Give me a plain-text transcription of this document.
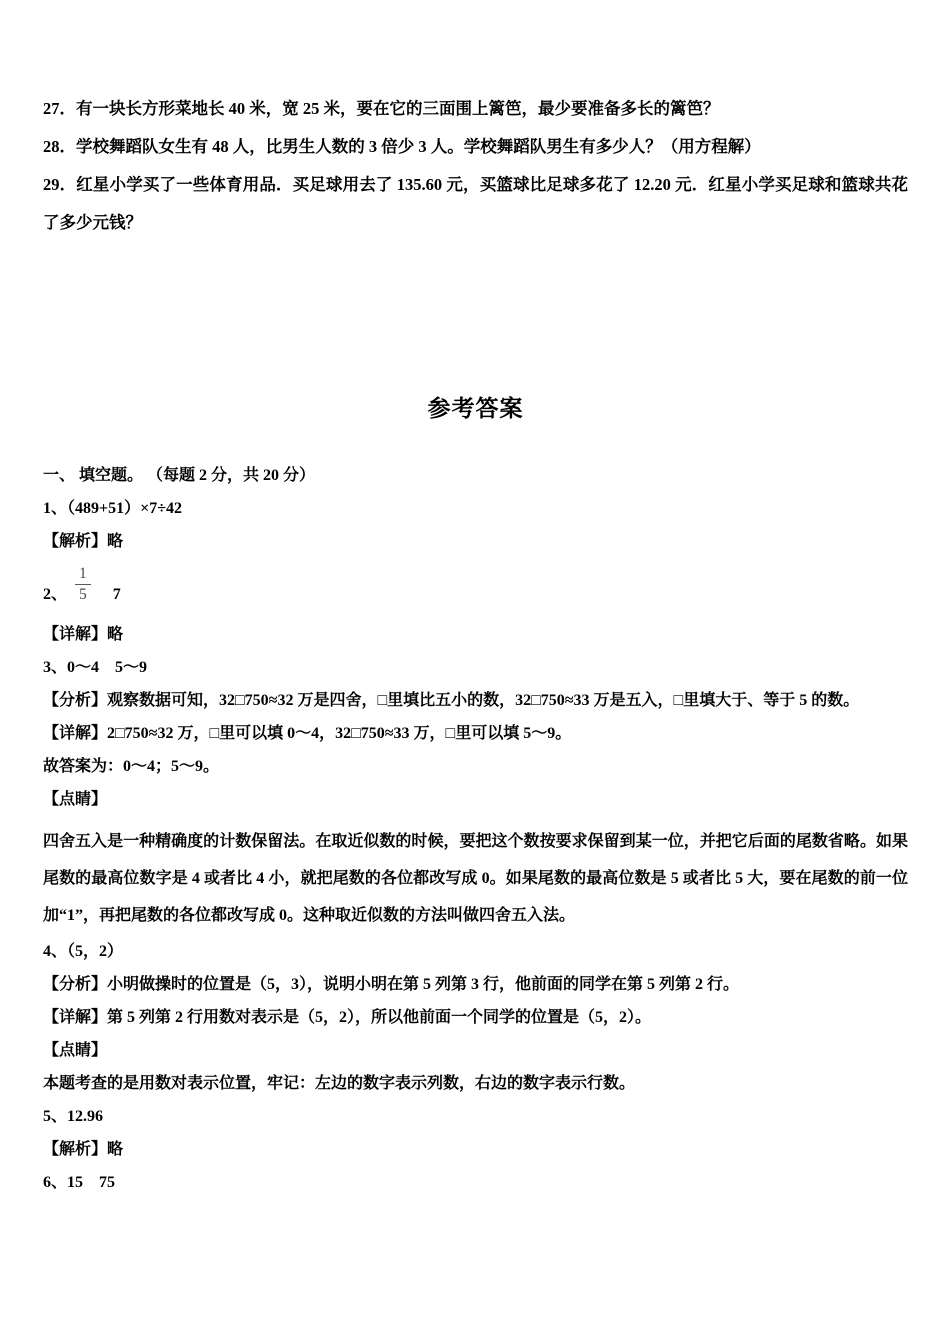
27．有一块长方形菜地长 40 米，宽 25 米，要在它的三面围上篱笆，最少要准备多长的篱笆？

28．学校舞蹈队女生有 48 人，比男生人数的 3 倍少 3 人。学校舞蹈队男生有多少人？（用方程解）

29．红星小学买了一些体育用品．买足球用去了 135.60 元，买篮球比足球多花了 12.20 元．红星小学买足球和篮球共花了多少元钱？

参考答案

一、 填空题。 （每题 2 分，共 20 分）

1、（489+51）×7÷42

【解析】略

2、 $\frac{1}{5} 7$

【详解】略

3、0～4　5～9

【分析】观察数据可知，32□750≈32 万是四舍，□里填比五小的数，32□750≈33 万是五入，□里填大于、等于 5 的数。

【详解】2□750≈32 万，□里可以填 0～4，32□750≈33 万，□里可以填 5～9。

故答案为：0～4；5～9。

【点睛】

四舍五入是一种精确度的计数保留法。在取近似数的时候，要把这个数按要求保留到某一位，并把它后面的尾数省略。如果尾数的最高位数字是 4 或者比 4 小，就把尾数的各位都改写成 0。如果尾数的最高位数是 5 或者比 5 大，要在尾数的前一位加“1”，再把尾数的各位都改写成 0。这种取近似数的方法叫做四舍五入法。

4、（5，2）

【分析】小明做操时的位置是（5，3），说明小明在第 5 列第 3 行，他前面的同学在第 5 列第 2 行。

【详解】第 5 列第 2 行用数对表示是（5，2），所以他前面一个同学的位置是（5，2）。

【点睛】

本题考查的是用数对表示位置，牢记：左边的数字表示列数，右边的数字表示行数。

5、12.96

【解析】略

6、15　75
